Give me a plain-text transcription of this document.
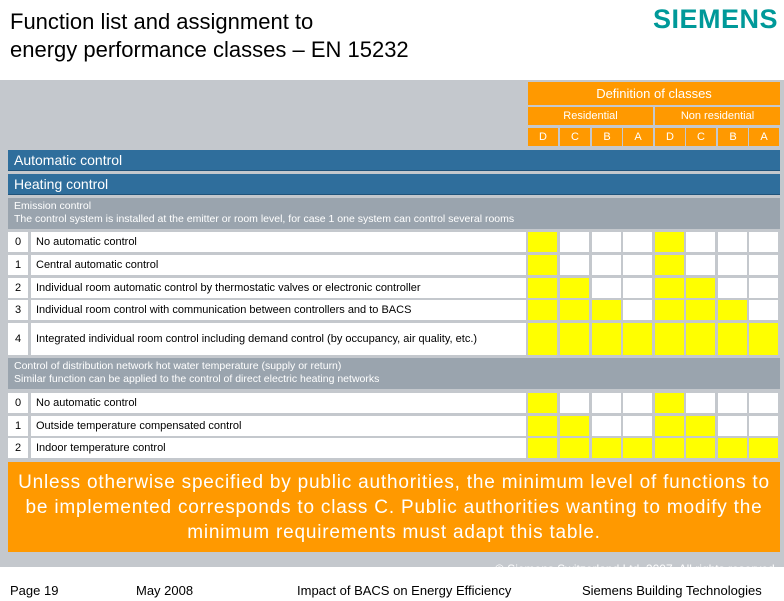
Function list and assignment to
energy performance classes – EN 15232
SIEMENS
Definition of classes
Residential	Non residential
D	C	B	A	D	C	B	A
Automatic control
Heating control
Emission control
The control system is installed at the emitter or room level, for case 1 one system can control several rooms
0	No automatic control
1	Central automatic control
2	Individual room automatic control by thermostatic valves or electronic controller
3	Individual room control with communication between controllers and to BACS
4	Integrated individual room control including demand control (by occupancy, air quality, etc.)
Control of distribution network hot water temperature (supply or return)
Similar function can be applied to the control of direct electric heating networks
0	No automatic control
1	Outside temperature compensated control
2	Indoor temperature control
Unless otherwise specified by public authorities, the minimum level of functions to be implemented corresponds to class C. Public authorities wanting to modify the minimum requirements must adapt this table.
© Siemens Switzerland Ltd. 2007. All rights reserved.
Page 19	May 2008	Impact of BACS on Energy Efficiency	Siemens Building Technologies
